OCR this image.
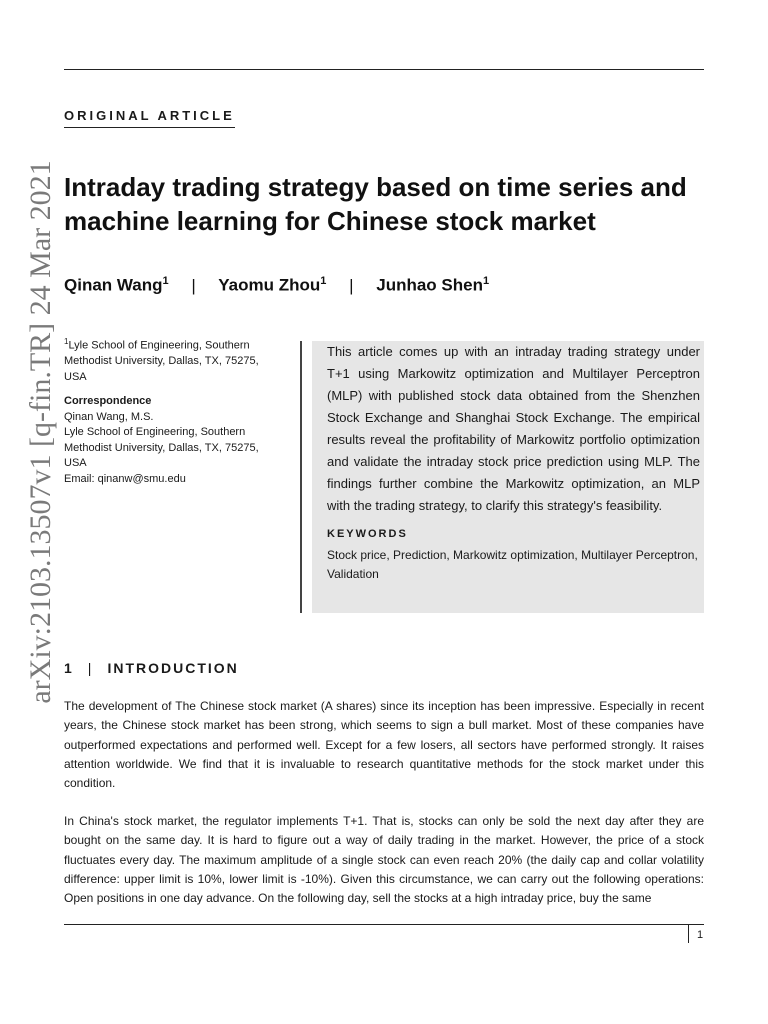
ORIGINAL ARTICLE
arXiv:2103.13507v1 [q-fin.TR] 24 Mar 2021 Intraday trading strategy based on time series and machine learning for Chinese stock market
Qinan Wang$^1$ | Yaomu Zhou$^1$ | Junhao Shen$^1$
$^1$Lyle School of Engineering, Southern Methodist University, Dallas, TX, 75275, USA
Correspondence
Qinan Wang, M.S.
Lyle School of Engineering, Southern Methodist University, Dallas, TX, 75275, USA
Email: qinanw@smu.edu

This article comes up with an intraday trading strategy under T+1 using Markowitz optimization and Multilayer Perceptron (MLP) with published stock data obtained from the Shenzhen Stock Exchange and Shanghai Stock Exchange. The empirical results reveal the profitability of Markowitz portfolio optimization and validate the intraday stock price prediction using MLP. The findings further combine the Markowitz optimization, an MLP with the trading strategy, to clarify this strategy's feasibility.

KEYWORDS
Stock price, Prediction, Markowitz optimization, Multilayer Perceptron, Validation
1 | INTRODUCTION

The development of The Chinese stock market (A shares) since its inception has been impressive. Especially in recent years, the Chinese stock market has been strong, which seems to sign a bull market. Most of these companies have outperformed expectations and performed well. Except for a few losers, all sectors have performed strongly. It raises attention worldwide. We find that it is invaluable to research quantitative methods for the stock market under this condition.

In China's stock market, the regulator implements T+1. That is, stocks can only be sold the next day after they are bought on the same day. It is hard to figure out a way of daily trading in the market. However, the price of a stock fluctuates every day. The maximum amplitude of a single stock can even reach 20% (the daily cap and collar volatility difference: upper limit is 10%, lower limit is -10%). Given this circumstance, we can carry out the following operations: Open positions in one day advance. On the following day, sell the stocks at a high intraday price, buy the same

1
